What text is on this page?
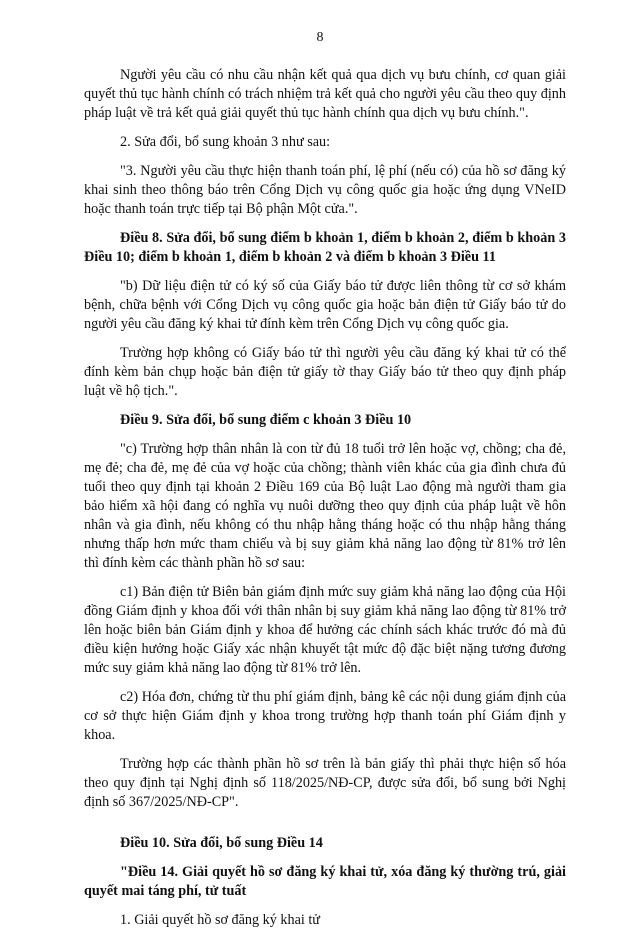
8

Người yêu cầu có nhu cầu nhận kết quả qua dịch vụ bưu chính, cơ quan giải quyết thủ tục hành chính có trách nhiệm trả kết quả cho người yêu cầu theo quy định pháp luật về trả kết quả giải quyết thủ tục hành chính qua dịch vụ bưu chính.".

2. Sửa đổi, bổ sung khoản 3 như sau:

"3. Người yêu cầu thực hiện thanh toán phí, lệ phí (nếu có) của hồ sơ đăng ký khai sinh theo thông báo trên Cổng Dịch vụ công quốc gia hoặc ứng dụng VNeID hoặc thanh toán trực tiếp tại Bộ phận Một cửa.".

Điều 8. Sửa đổi, bổ sung điểm b khoản 1, điểm b khoản 2, điểm b khoản 3 Điều 10; điểm b khoản 1, điểm b khoản 2 và điểm b khoản 3 Điều 11

"b) Dữ liệu điện tử có ký số của Giấy báo tử được liên thông từ cơ sở khám bệnh, chữa bệnh với Cổng Dịch vụ công quốc gia hoặc bản điện tử Giấy báo tử do người yêu cầu đăng ký khai tử đính kèm trên Cổng Dịch vụ công quốc gia.

Trường hợp không có Giấy báo tử thì người yêu cầu đăng ký khai tử có thể đính kèm bản chụp hoặc bản điện tử giấy tờ thay Giấy báo tử theo quy định pháp luật về hộ tịch.".

Điều 9. Sửa đổi, bổ sung điểm c khoản 3 Điều 10

"c) Trường hợp thân nhân là con từ đủ 18 tuổi trở lên hoặc vợ, chồng; cha đẻ, mẹ đẻ; cha đẻ, mẹ đẻ của vợ hoặc của chồng; thành viên khác của gia đình chưa đủ tuổi theo quy định tại khoản 2 Điều 169 của Bộ luật Lao động mà người tham gia bảo hiểm xã hội đang có nghĩa vụ nuôi dưỡng theo quy định của pháp luật về hôn nhân và gia đình, nếu không có thu nhập hằng tháng hoặc có thu nhập hằng tháng nhưng thấp hơn mức tham chiếu và bị suy giảm khả năng lao động từ 81% trở lên thì đính kèm các thành phần hồ sơ sau:

c1) Bản điện tử Biên bản giám định mức suy giảm khả năng lao động của Hội đồng Giám định y khoa đối với thân nhân bị suy giảm khả năng lao động từ 81% trở lên hoặc biên bản Giám định y khoa để hưởng các chính sách khác trước đó mà đủ điều kiện hưởng hoặc Giấy xác nhận khuyết tật mức độ đặc biệt nặng tương đương mức suy giảm khả năng lao động từ 81% trở lên.

c2) Hóa đơn, chứng từ thu phí giám định, bảng kê các nội dung giám định của cơ sở thực hiện Giám định y khoa trong trường hợp thanh toán phí Giám định y khoa.

Trường hợp các thành phần hồ sơ trên là bản giấy thì phải thực hiện số hóa theo quy định tại Nghị định số 118/2025/NĐ-CP, được sửa đổi, bổ sung bởi Nghị định số 367/2025/NĐ-CP".

Điều 10. Sửa đổi, bổ sung Điều 14

"Điều 14. Giải quyết hồ sơ đăng ký khai tử, xóa đăng ký thường trú, giải quyết mai táng phí, tử tuất

1. Giải quyết hồ sơ đăng ký khai tử
